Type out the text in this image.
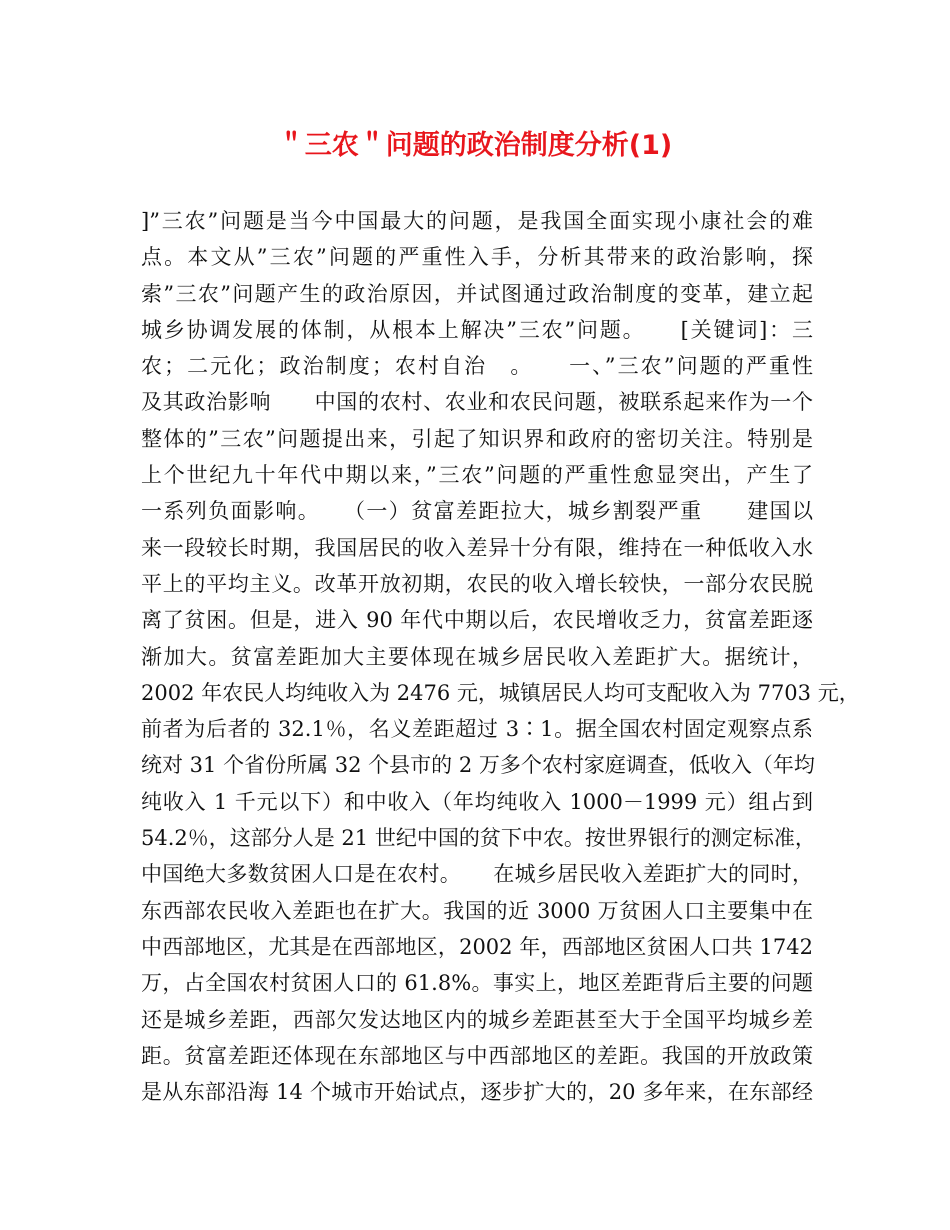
＂三农＂问题的政治制度分析(1)
]”三农”问题是当今中国最大的问题，是我国全面实现小康社会的难
点。本文从”三农”问题的严重性入手，分析其带来的政治影响，探
索”三农”问题产生的政治原因，并试图通过政治制度的变革，建立起
城乡协调发展的体制，从根本上解决”三农”问题。　　[关键词]：三
农；二元化；政治制度；农村自治　。　　一、”三农”问题的严重性
及其政治影响　　中国的农村、农业和农民问题，被联系起来作为一个
整体的”三农”问题提出来，引起了知识界和政府的密切关注。特别是
上个世纪九十年代中期以来，”三农”问题的严重性愈显突出，产生了
一系列负面影响。　　（一）贫富差距拉大，城乡割裂严重　　建国以
来一段较长时期，我国居民的收入差异十分有限，维持在一种低收入水
平上的平均主义。改革开放初期，农民的收入增长较快，一部分农民脱
离了贫困。但是，进入 90 年代中期以后，农民增收乏力，贫富差距逐
渐加大。贫富差距加大主要体现在城乡居民收入差距扩大。据统计，
2002 年农民人均纯收入为 2476 元，城镇居民人均可支配收入为 7703 元，
前者为后者的 32.1％，名义差距超过 3∶1。据全国农村固定观察点系
统对 31 个省份所属 32 个县市的 2 万多个农村家庭调查，低收入（年均
纯收入 1 千元以下）和中收入（年均纯收入 1000－1999 元）组占到
54.2％，这部分人是 21 世纪中国的贫下中农。按世界银行的测定标准，
中国绝大多数贫困人口是在农村。　　在城乡居民收入差距扩大的同时，
东西部农民收入差距也在扩大。我国的近 3000 万贫困人口主要集中在
中西部地区，尤其是在西部地区，2002 年，西部地区贫困人口共 1742
万，占全国农村贫困人口的 61.8%。事实上，地区差距背后主要的问题
还是城乡差距，西部欠发达地区内的城乡差距甚至大于全国平均城乡差
距。贫富差距还体现在东部地区与中西部地区的差距。我国的开放政策
是从东部沿海 14 个城市开始试点，逐步扩大的，20 多年来，在东部经
